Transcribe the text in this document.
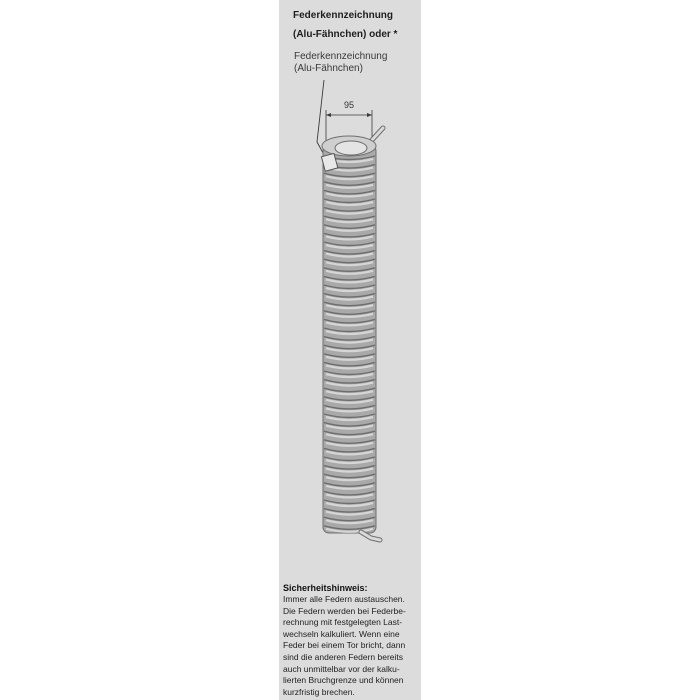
Federkennzeichnung
(Alu-Fähnchen) oder *
Federkennzeichnung
(Alu-Fähnchen)
95
Sicherheitshinweis:

Immer alle Federn austauschen.

Die Federn werden bei Federbe-

rechnung mit festgelegten Last-

wechseln kalkuliert. Wenn eine

Feder bei einem Tor bricht, dann

sind die anderen Federn bereits

auch unmittelbar vor der kalku-

lierten Bruchgrenze und können

kurzfristig brechen.
